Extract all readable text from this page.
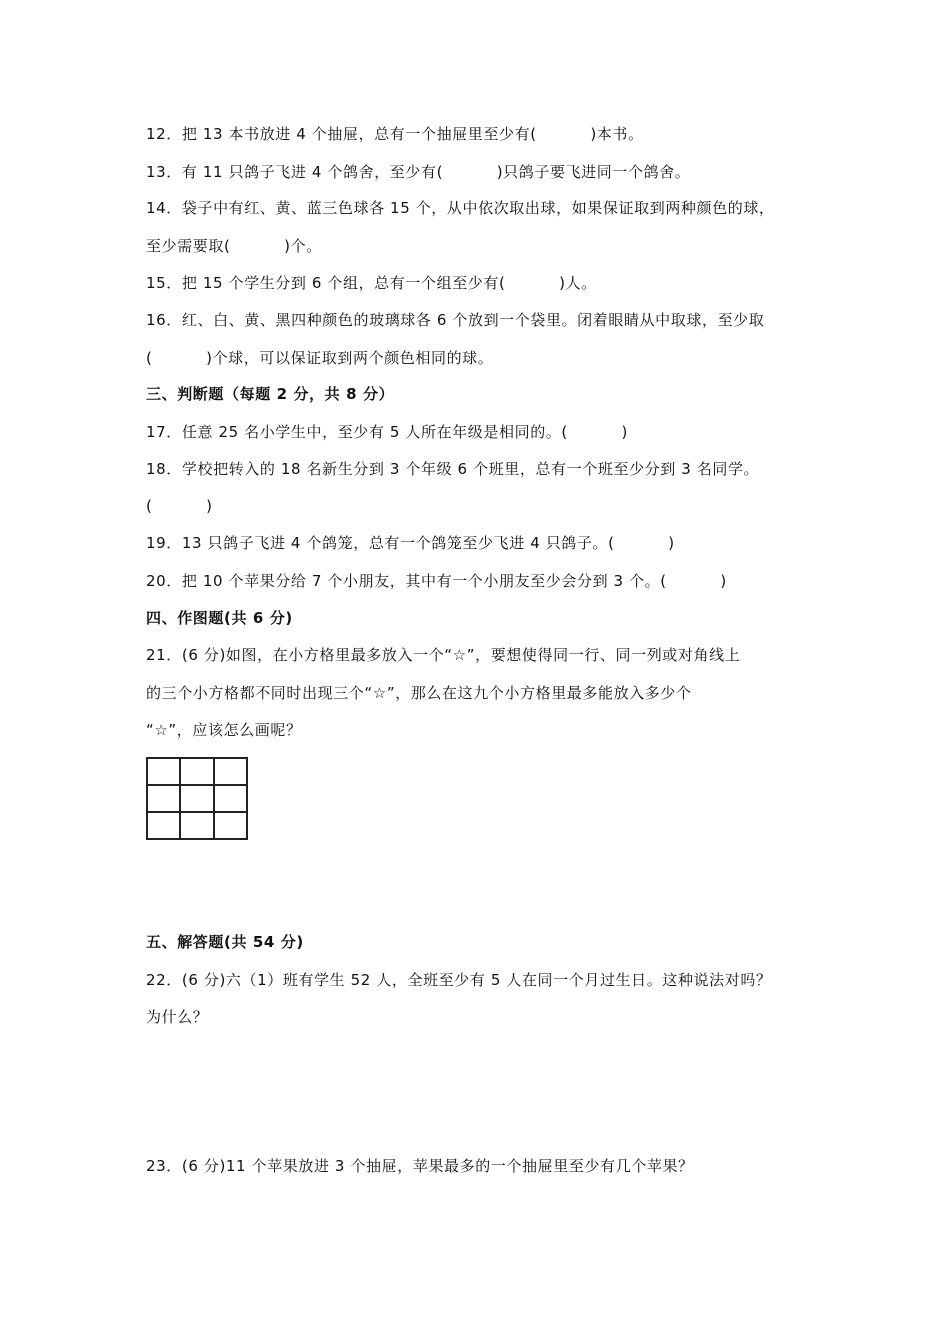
12．把 13 本书放进 4 个抽屉，总有一个抽屉里至少有(          )本书。
13．有 11 只鸽子飞进 4 个鸽舍，至少有(          )只鸽子要飞进同一个鸽舍。
14．袋子中有红、黄、蓝三色球各 15 个，从中依次取出球，如果保证取到两种颜色的球，
至少需要取(          )个。
15．把 15 个学生分到 6 个组，总有一个组至少有(          )人。
16．红、白、黄、黑四种颜色的玻璃球各 6 个放到一个袋里。闭着眼睛从中取球，至少取
(          )个球，可以保证取到两个颜色相同的球。
三、判断题（每题 2 分，共 8 分）
17．任意 25 名小学生中，至少有 5 人所在年级是相同的。(          )
18．学校把转入的 18 名新生分到 3 个年级 6 个班里，总有一个班至少分到 3 名同学。
(          )
19．13 只鸽子飞进 4 个鸽笼，总有一个鸽笼至少飞进 4 只鸽子。(          )
20．把 10 个苹果分给 7 个小朋友，其中有一个小朋友至少会分到 3 个。(          )
四、作图题(共 6 分)
21．(6 分)如图，在小方格里最多放入一个“☆”，要想使得同一行、同一列或对角线上
的三个小方格都不同时出现三个“☆”，那么在这九个小方格里最多能放入多少个
“☆”，应该怎么画呢？
五、解答题(共 54 分)
22．(6 分)六（1）班有学生 52 人，全班至少有 5 人在同一个月过生日。这种说法对吗？
为什么？
23．(6 分)11 个苹果放进 3 个抽屉，苹果最多的一个抽屉里至少有几个苹果？
